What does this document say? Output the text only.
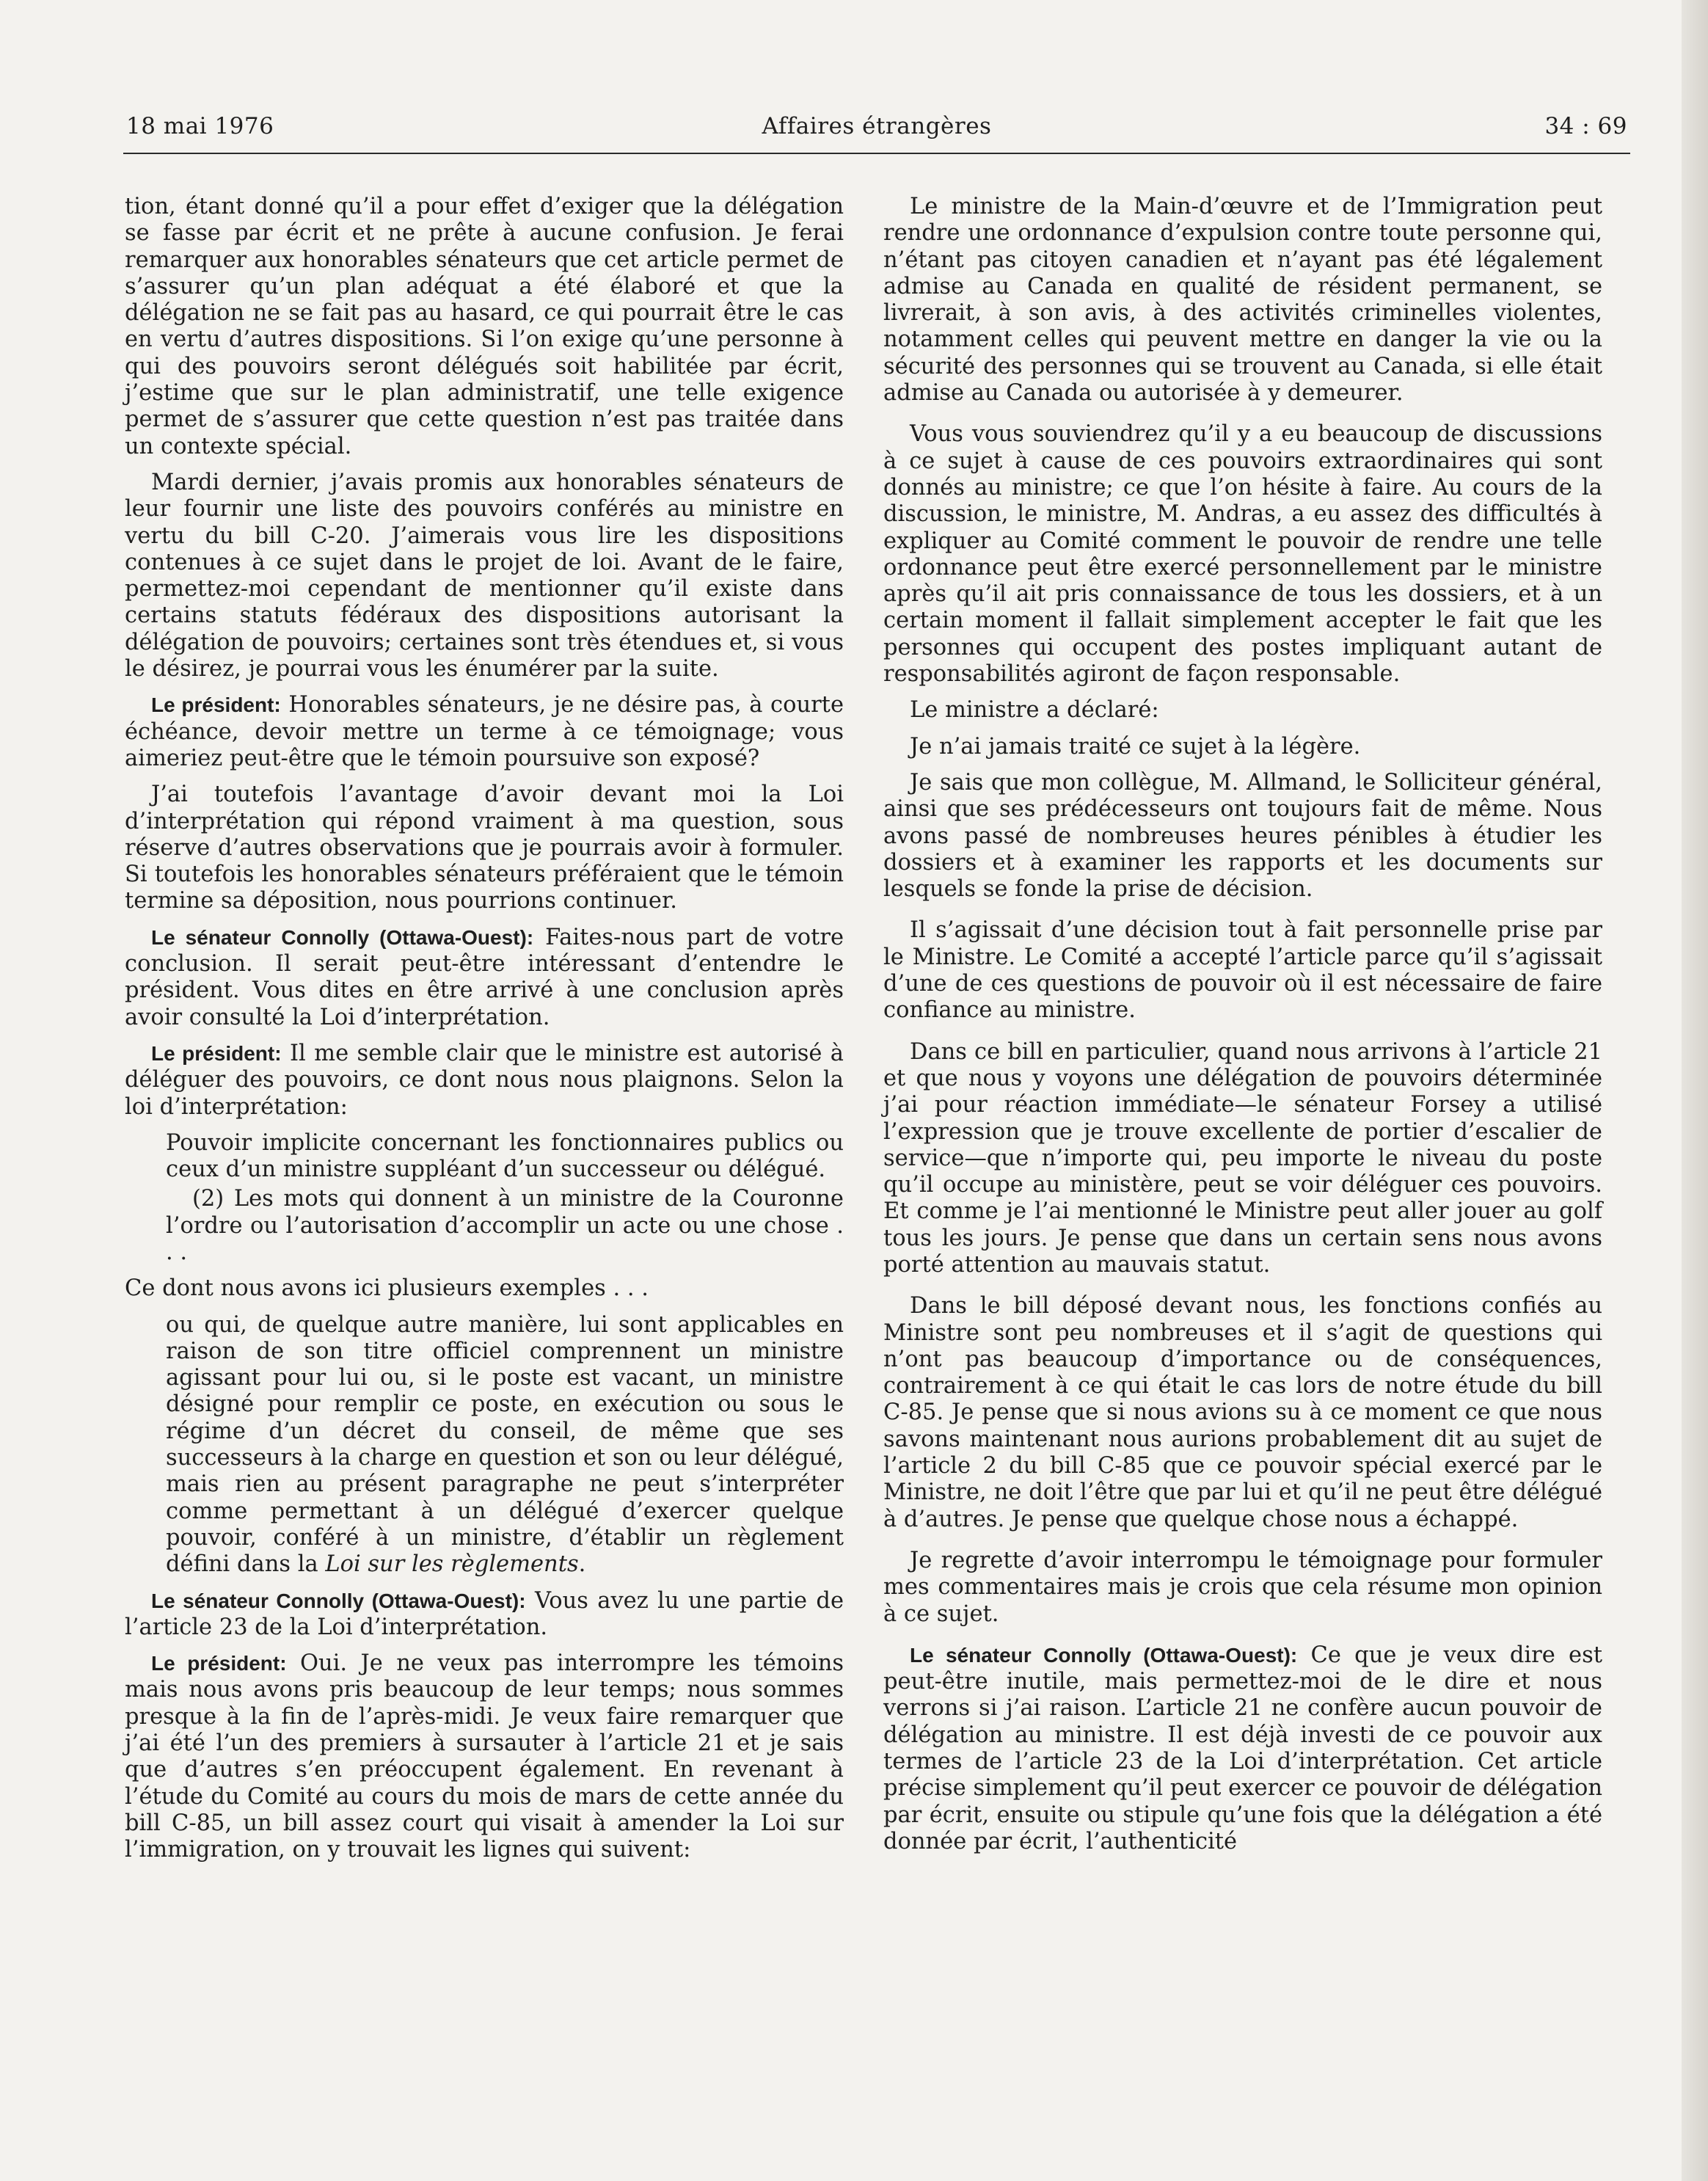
Affaires étrangères
18 mai 1976	34 : 69

tion, étant donné qu’il a pour effet d’exiger que la délégation se fasse par écrit et ne prête à aucune confusion. Je ferai remarquer aux honorables sénateurs que cet article permet de s’assurer qu’un plan adéquat a été élaboré et que la délégation ne se fait pas au hasard, ce qui pourrait être le cas en vertu d’autres dispositions. Si l’on exige qu’une personne à qui des pouvoirs seront délégués soit habilitée par écrit, j’estime que sur le plan administratif, une telle exigence permet de s’assurer que cette question n’est pas traitée dans un contexte spécial.

Mardi dernier, j’avais promis aux honorables sénateurs de leur fournir une liste des pouvoirs conférés au ministre en vertu du bill C-20. J’aimerais vous lire les dispositions contenues à ce sujet dans le projet de loi. Avant de le faire, permettez-moi cependant de mentionner qu’il existe dans certains statuts fédéraux des dispositions autorisant la délégation de pouvoirs; certaines sont très étendues et, si vous le désirez, je pourrai vous les énumérer par la suite.

Le président: Honorables sénateurs, je ne désire pas, à courte échéance, devoir mettre un terme à ce témoignage; vous aimeriez peut-être que le témoin poursuive son exposé?

J’ai toutefois l’avantage d’avoir devant moi la Loi d’interprétation qui répond vraiment à ma question, sous réserve d’autres observations que je pourrais avoir à formuler. Si toutefois les honorables sénateurs préféraient que le témoin termine sa déposition, nous pourrions continuer.

Le sénateur Connolly (Ottawa-Ouest): Faites-nous part de votre conclusion. Il serait peut-être intéressant d’entendre le président. Vous dites en être arrivé à une conclusion après avoir consulté la Loi d’interprétation.

Le président: Il me semble clair que le ministre est autorisé à déléguer des pouvoirs, ce dont nous nous plaignons. Selon la loi d’interprétation:

Pouvoir implicite concernant les fonctionnaires publics ou ceux d’un ministre suppléant d’un successeur ou délégué.

(2) Les mots qui donnent à un ministre de la Couronne l’ordre ou l’autorisation d’accomplir un acte ou une chose . . .

Ce dont nous avons ici plusieurs exemples . . .

ou qui, de quelque autre manière, lui sont applicables en raison de son titre officiel comprennent un ministre agissant pour lui ou, si le poste est vacant, un ministre désigné pour remplir ce poste, en exécution ou sous le régime d’un décret du conseil, de même que ses successeurs à la charge en question et son ou leur délégué, mais rien au présent paragraphe ne peut s’interpréter comme permettant à un délégué d’exercer quelque pouvoir, conféré à un ministre, d’établir un règlement défini dans la Loi sur les règlements.

Le sénateur Connolly (Ottawa-Ouest): Vous avez lu une partie de l’article 23 de la Loi d’interprétation.

Le président: Oui. Je ne veux pas interrompre les témoins mais nous avons pris beaucoup de leur temps; nous sommes presque à la fin de l’après-midi. Je veux faire remarquer que j’ai été l’un des premiers à sursauter à l’article 21 et je sais que d’autres s’en préoccupent également. En revenant à l’étude du Comité au cours du mois de mars de cette année du bill C-85, un bill assez court qui visait à amender la Loi sur l’immigration, on y trouvait les lignes qui suivent:

Le ministre de la Main-d’œuvre et de l’Immigration peut rendre une ordonnance d’expulsion contre toute personne qui, n’étant pas citoyen canadien et n’ayant pas été légalement admise au Canada en qualité de résident permanent, se livrerait, à son avis, à des activités criminelles violentes, notamment celles qui peuvent mettre en danger la vie ou la sécurité des personnes qui se trouvent au Canada, si elle était admise au Canada ou autorisée à y demeurer.

Vous vous souviendrez qu’il y a eu beaucoup de discussions à ce sujet à cause de ces pouvoirs extraordinaires qui sont donnés au ministre; ce que l’on hésite à faire. Au cours de la discussion, le ministre, M. Andras, a eu assez des difficultés à expliquer au Comité comment le pouvoir de rendre une telle ordonnance peut être exercé personnellement par le ministre après qu’il ait pris connaissance de tous les dossiers, et à un certain moment il fallait simplement accepter le fait que les personnes qui occupent des postes impliquant autant de responsabilités agiront de façon responsable.

Le ministre a déclaré:

Je n’ai jamais traité ce sujet à la légère.

Je sais que mon collègue, M. Allmand, le Solliciteur général, ainsi que ses prédécesseurs ont toujours fait de même. Nous avons passé de nombreuses heures pénibles à étudier les dossiers et à examiner les rapports et les documents sur lesquels se fonde la prise de décision.

Il s’agissait d’une décision tout à fait personnelle prise par le Ministre. Le Comité a accepté l’article parce qu’il s’agissait d’une de ces questions de pouvoir où il est nécessaire de faire confiance au ministre.

Dans ce bill en particulier, quand nous arrivons à l’article 21 et que nous y voyons une délégation de pouvoirs déterminée j’ai pour réaction immédiate—le sénateur Forsey a utilisé l’expression que je trouve excellente de portier d’escalier de service—que n’importe qui, peu importe le niveau du poste qu’il occupe au ministère, peut se voir déléguer ces pouvoirs. Et comme je l’ai mentionné le Ministre peut aller jouer au golf tous les jours. Je pense que dans un certain sens nous avons porté attention au mauvais statut.

Dans le bill déposé devant nous, les fonctions confiés au Ministre sont peu nombreuses et il s’agit de questions qui n’ont pas beaucoup d’importance ou de conséquences, contrairement à ce qui était le cas lors de notre étude du bill C-85. Je pense que si nous avions su à ce moment ce que nous savons maintenant nous aurions probablement dit au sujet de l’article 2 du bill C-85 que ce pouvoir spécial exercé par le Ministre, ne doit l’être que par lui et qu’il ne peut être délégué à d’autres. Je pense que quelque chose nous a échappé.

Je regrette d’avoir interrompu le témoignage pour formuler mes commentaires mais je crois que cela résume mon opinion à ce sujet.

Le sénateur Connolly (Ottawa-Ouest): Ce que je veux dire est peut-être inutile, mais permettez-moi de le dire et nous verrons si j’ai raison. L’article 21 ne confère aucun pouvoir de délégation au ministre. Il est déjà investi de ce pouvoir aux termes de l’article 23 de la Loi d’interprétation. Cet article précise simplement qu’il peut exercer ce pouvoir de délégation par écrit, ensuite ou stipule qu’une fois que la délégation a été donnée par écrit, l’authenticité
